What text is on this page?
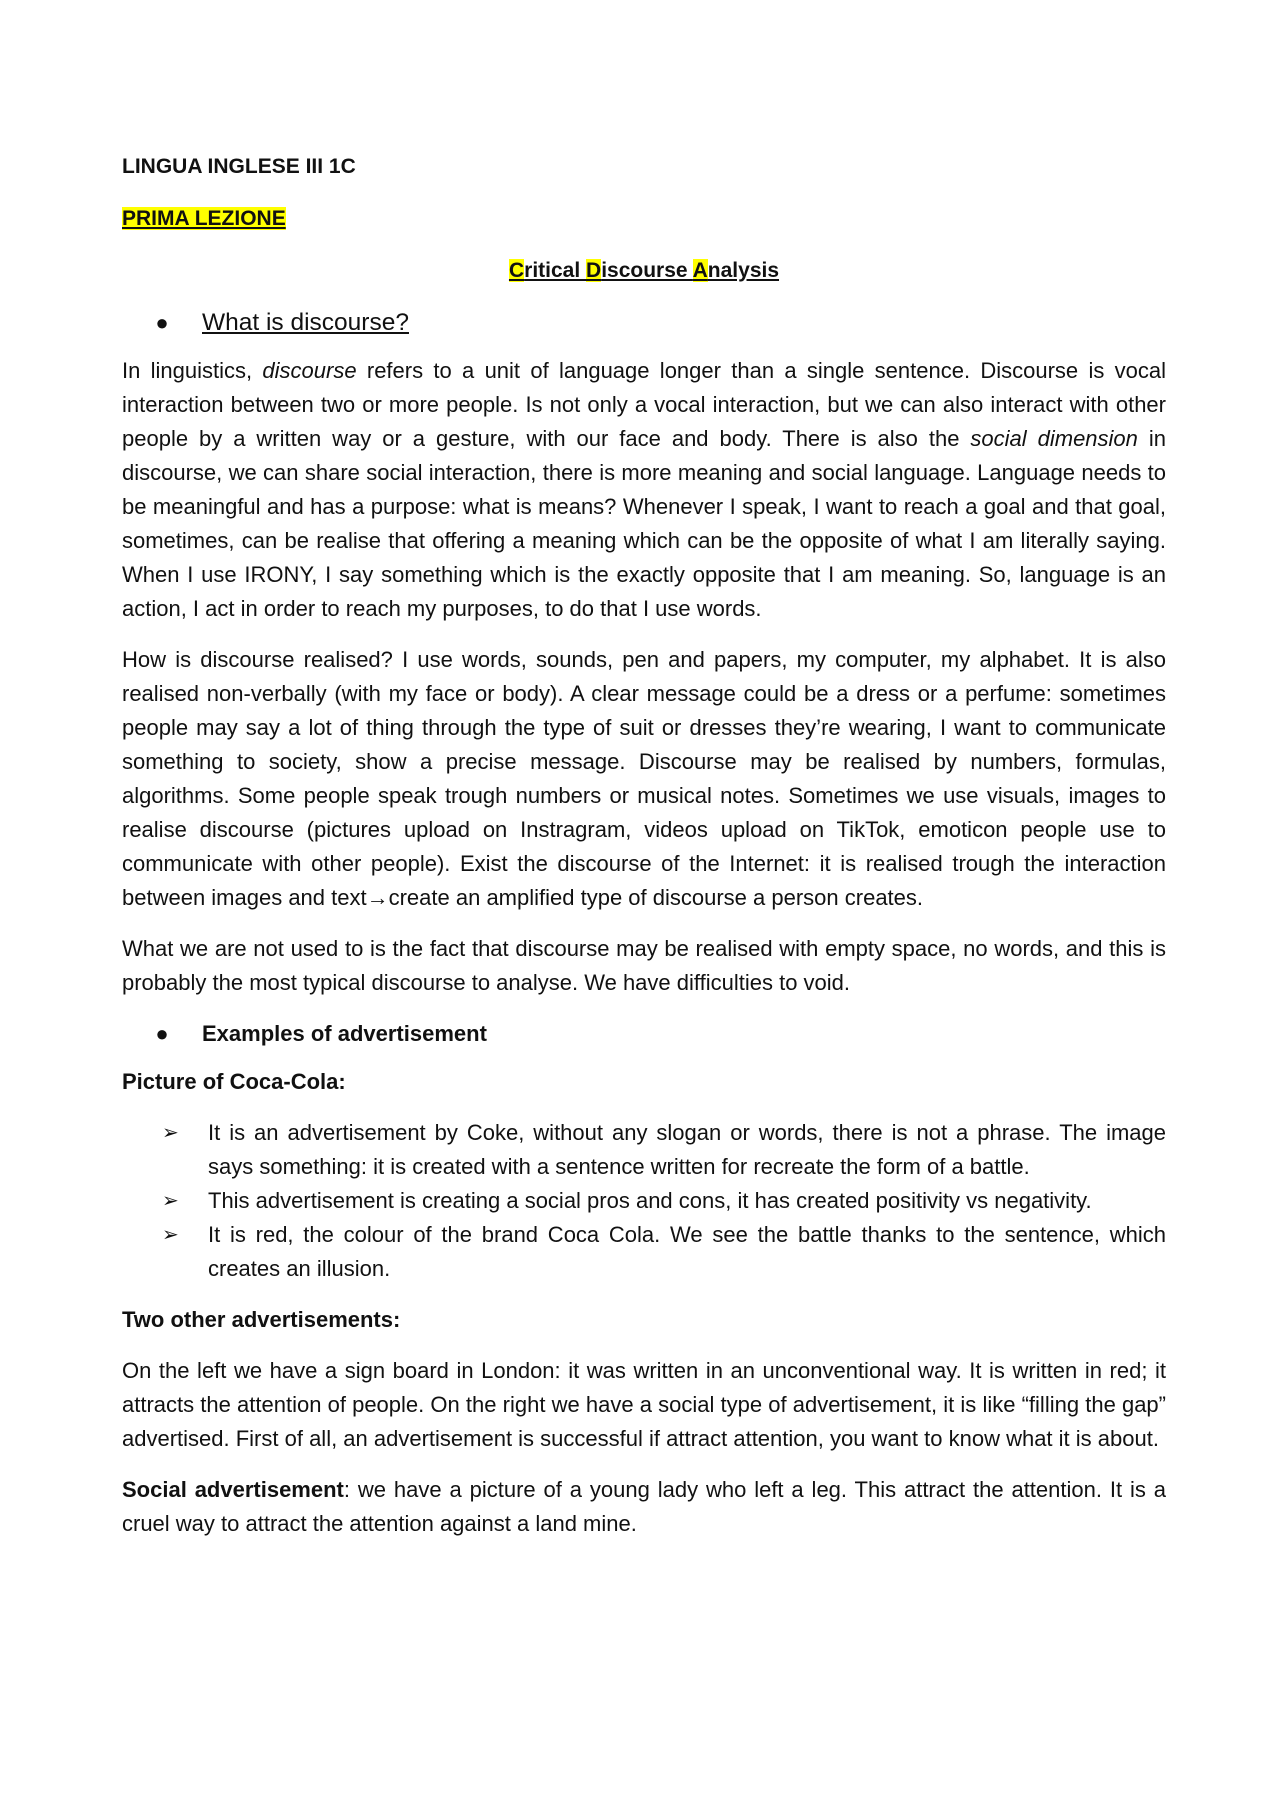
LINGUA INGLESE III 1C
PRIMA LEZIONE
Critical Discourse Analysis
●	What is discourse?

In linguistics, discourse refers to a unit of language longer than a single sentence. Discourse is vocal interaction between two or more people. Is not only a vocal interaction, but we can also interact with other people by a written way or a gesture, with our face and body. There is also the social dimension in discourse, we can share social interaction, there is more meaning and social language. Language needs to be meaningful and has a purpose: what is means? Whenever I speak, I want to reach a goal and that goal, sometimes, can be realise that offering a meaning which can be the opposite of what I am literally saying. When I use IRONY, I say something which is the exactly opposite that I am meaning. So, language is an action, I act in order to reach my purposes, to do that I use words.

How is discourse realised? I use words, sounds, pen and papers, my computer, my alphabet. It is also realised non-verbally (with my face or body). A clear message could be a dress or a perfume: sometimes people may say a lot of thing through the type of suit or dresses they’re wearing, I want to communicate something to society, show a precise message. Discourse may be realised by numbers, formulas, algorithms. Some people speak trough numbers or musical notes. Sometimes we use visuals, images to realise discourse (pictures upload on Instragram, videos upload on TikTok, emoticon people use to communicate with other people). Exist the discourse of the Internet: it is realised trough the interaction between images and text→create an amplified type of discourse a person creates.

What we are not used to is the fact that discourse may be realised with empty space, no words, and this is probably the most typical discourse to analyse. We have difficulties to void.

●	Examples of advertisement
Picture of Coca-Cola:
➢	It is an advertisement by Coke, without any slogan or words, there is not a phrase. The image says something: it is created with a sentence written for recreate the form of a battle.
➢	This advertisement is creating a social pros and cons, it has created positivity vs negativity.
➢	It is red, the colour of the brand Coca Cola. We see the battle thanks to the sentence, which creates an illusion.
Two other advertisements:

On the left we have a sign board in London: it was written in an unconventional way. It is written in red; it attracts the attention of people. On the right we have a social type of advertisement, it is like “filling the gap” advertised. First of all, an advertisement is successful if attract attention, you want to know what it is about.

Social advertisement: we have a picture of a young lady who left a leg. This attract the attention. It is a cruel way to attract the attention against a land mine.
